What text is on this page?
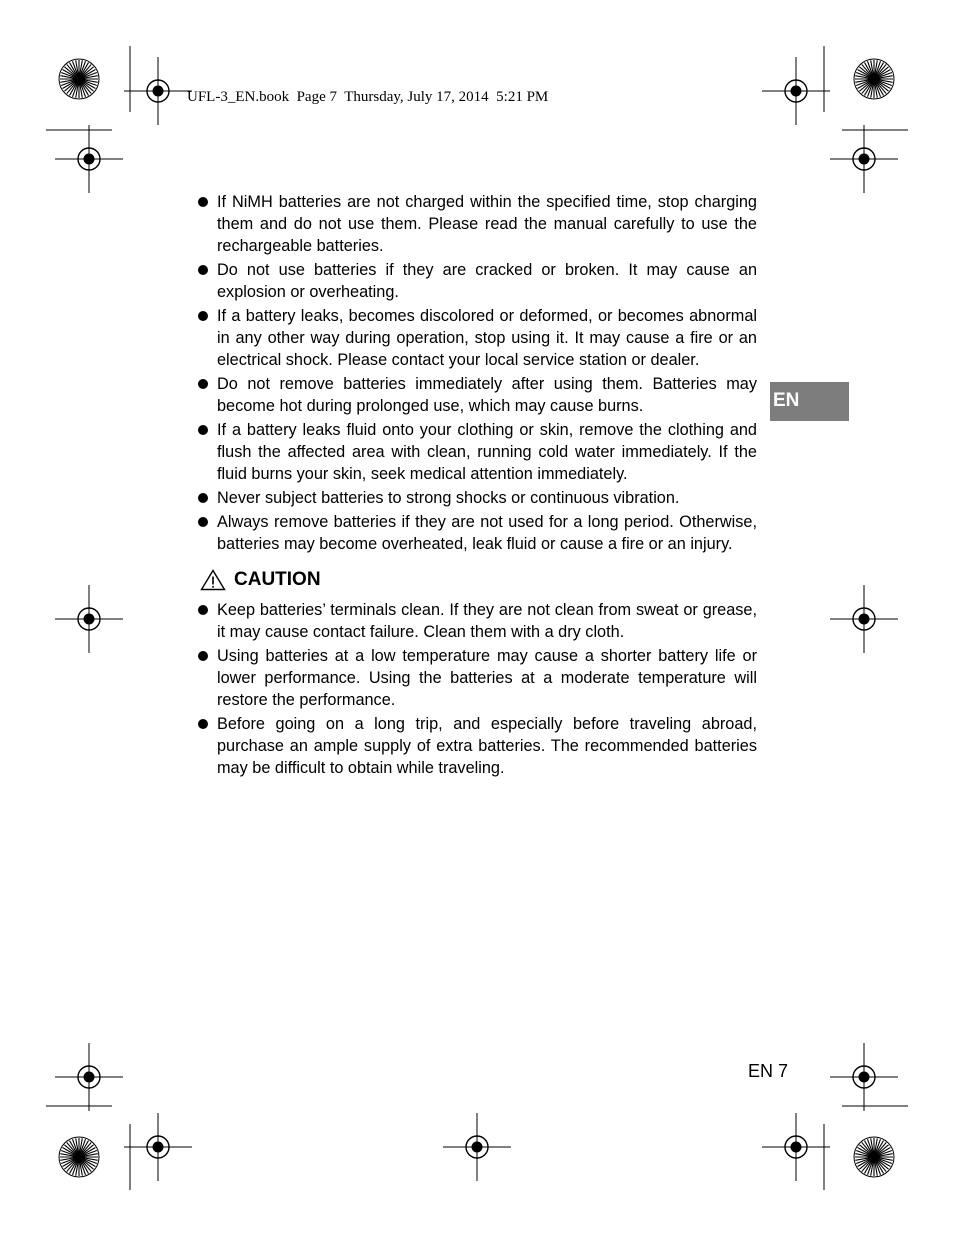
UFL-3_EN.book  Page 7  Thursday, July 17, 2014  5:21 PM
EN
If NiMH batteries are not charged within the specified time, stop charging them and do not use them. Please read the manual carefully to use the rechargeable batteries.
Do not use batteries if they are cracked or broken. It may cause an explosion or overheating.
If a battery leaks, becomes discolored or deformed, or becomes abnormal in any other way during operation, stop using it. It may cause a fire or an electrical shock. Please contact your local service station or dealer.
Do not remove batteries immediately after using them. Batteries may become hot during prolonged use, which may cause burns.
If a battery leaks fluid onto your clothing or skin, remove the clothing and flush the affected area with clean, running cold water immediately. If the fluid burns your skin, seek medical attention immediately.
Never subject batteries to strong shocks or continuous vibration.
Always remove batteries if they are not used for a long period. Otherwise, batteries may become overheated, leak fluid or cause a fire or an injury.
CAUTION
Keep batteries’ terminals clean. If they are not clean from sweat or grease, it may cause contact failure. Clean them with a dry cloth.
Using batteries at a low temperature may cause a shorter battery life or lower performance. Using the batteries at a moderate temperature will restore the performance.
Before going on a long trip, and especially before traveling abroad, purchase an ample supply of extra batteries. The recommended batteries may be difficult to obtain while traveling.
EN 7
